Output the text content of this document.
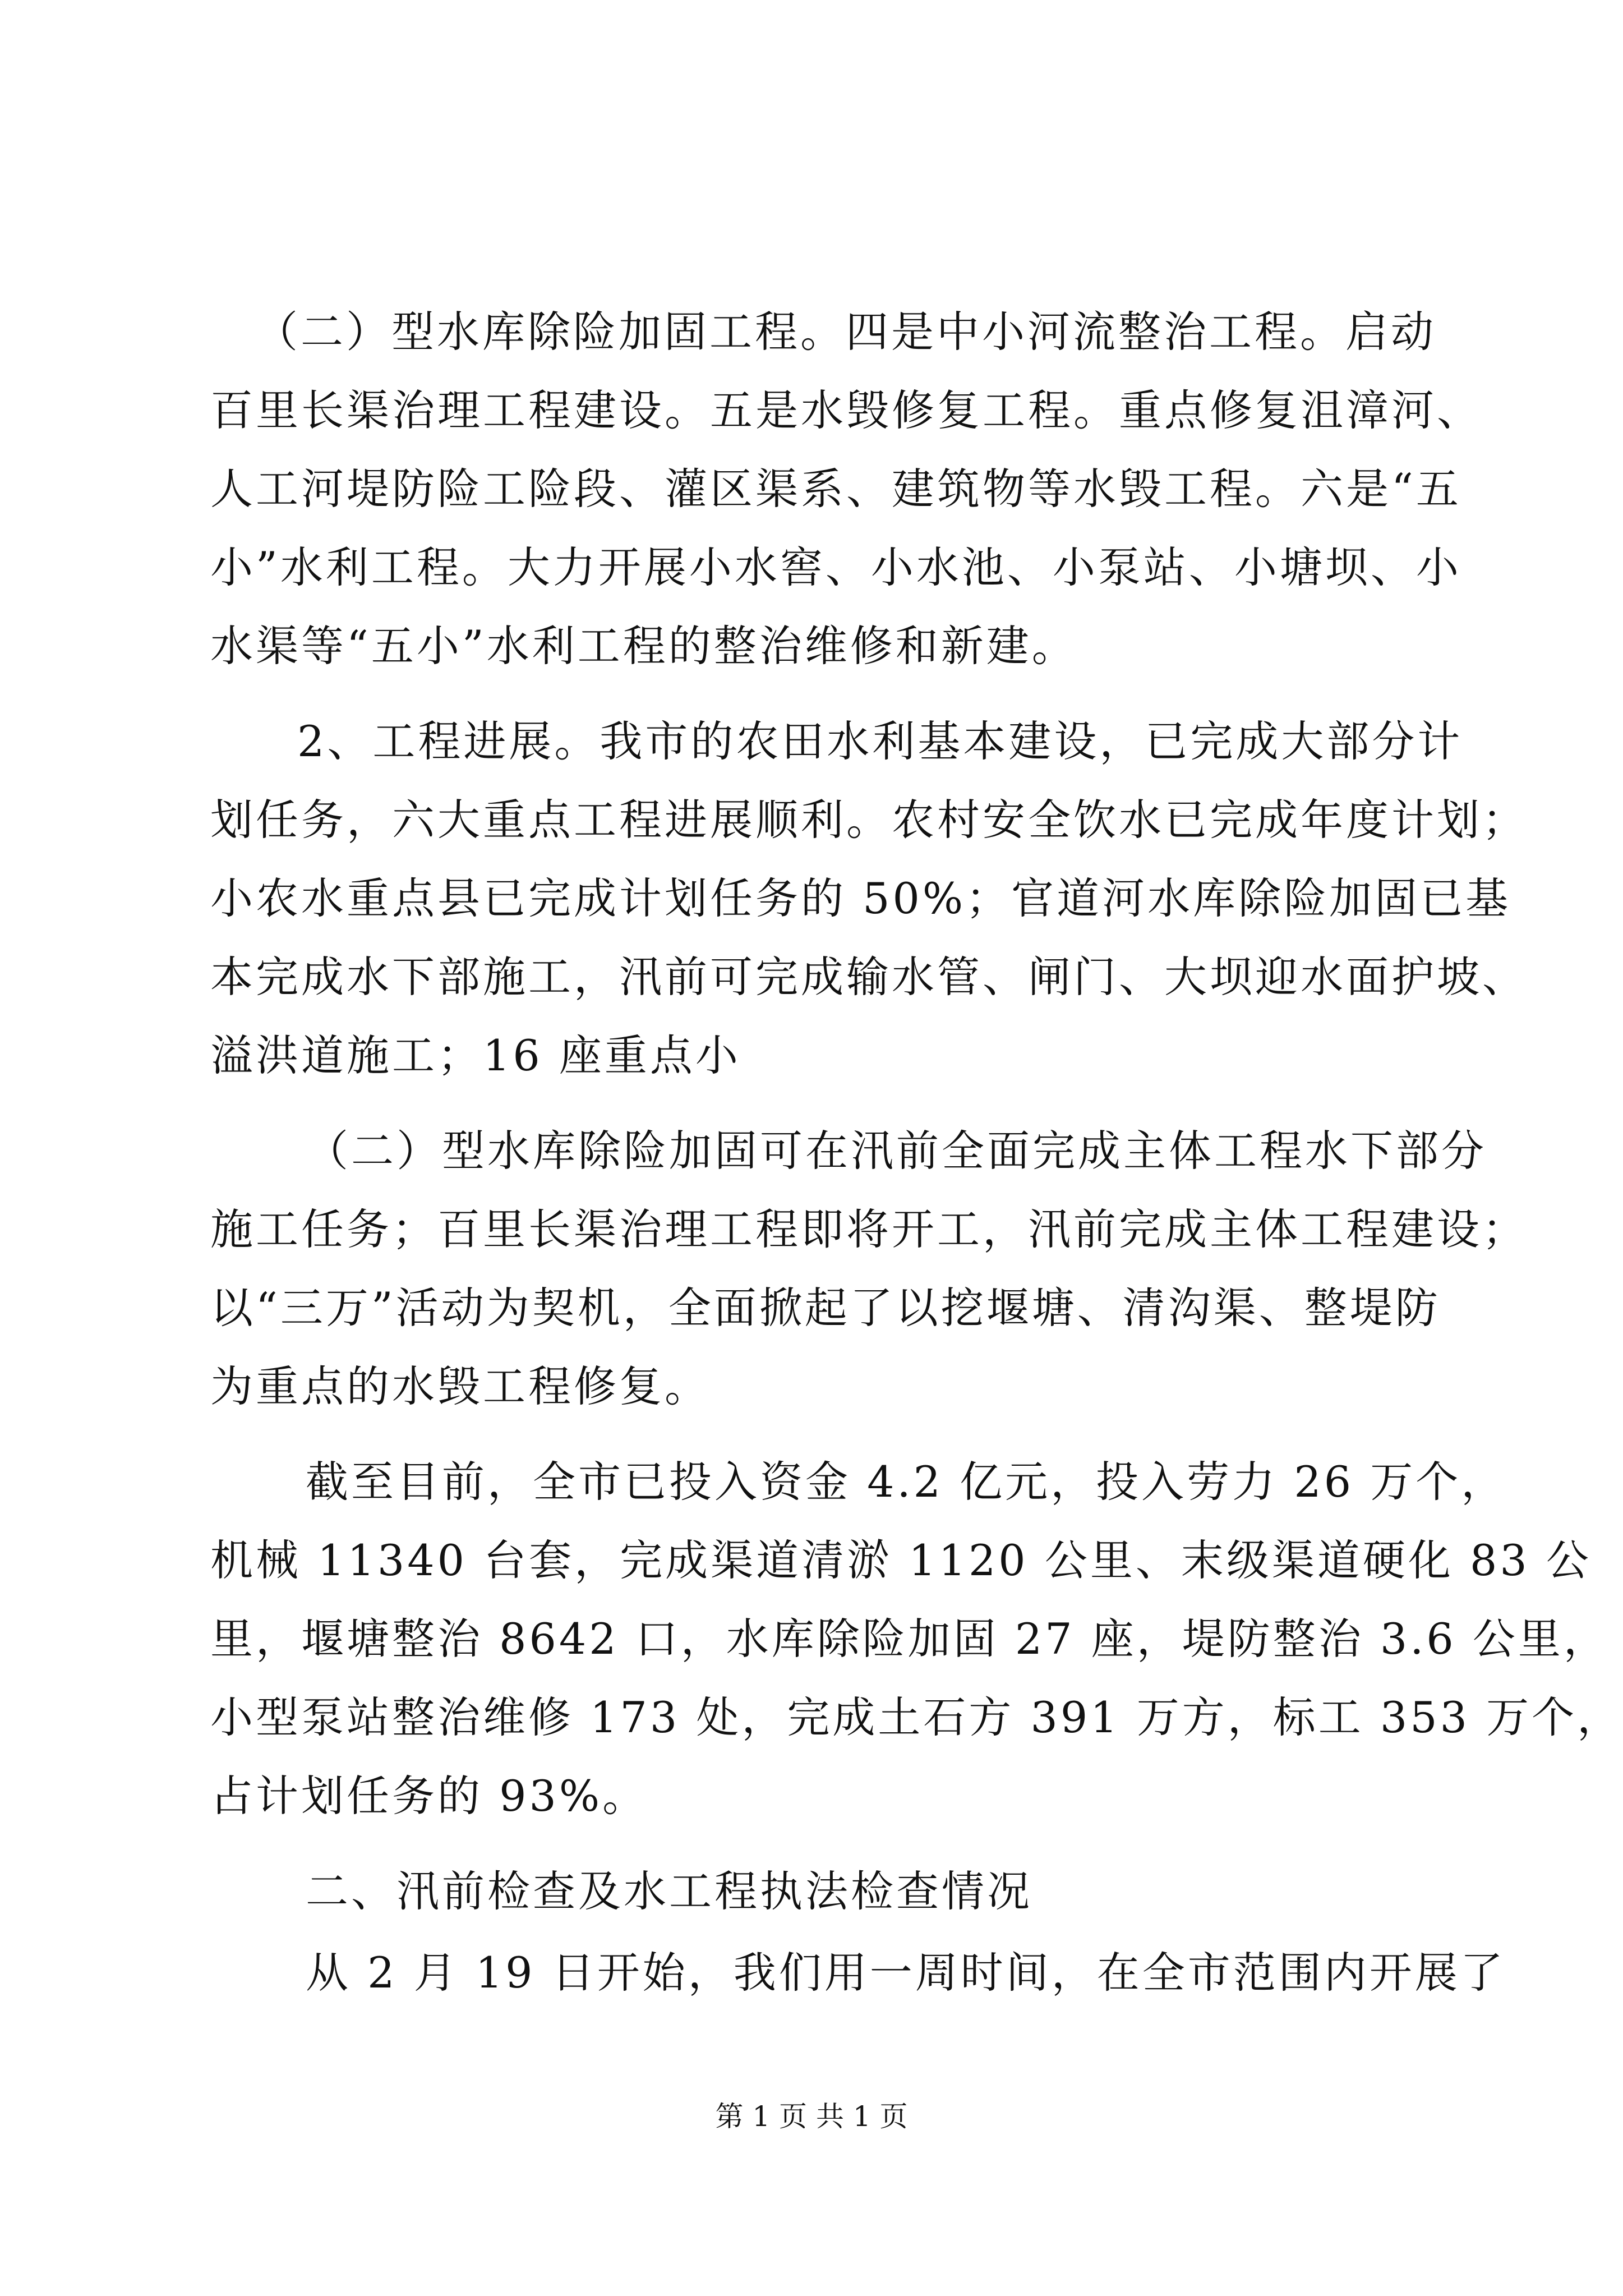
（二）型水库除险加固工程。四是中小河流整治工程。启动

百里长渠治理工程建设。五是水毁修复工程。重点修复沮漳河、

人工河堤防险工险段、灌区渠系、建筑物等水毁工程。六是“五

小”水利工程。大力开展小水窖、小水池、小泵站、小塘坝、小

水渠等“五小”水利工程的整治维修和新建。

2、工程进展。我市的农田水利基本建设，已完成大部分计

划任务，六大重点工程进展顺利。农村安全饮水已完成年度计划；

小农水重点县已完成计划任务的 50%；官道河水库除险加固已基

本完成水下部施工，汛前可完成输水管、闸门、大坝迎水面护坡、

溢洪道施工；16 座重点小

（二）型水库除险加固可在汛前全面完成主体工程水下部分

施工任务；百里长渠治理工程即将开工，汛前完成主体工程建设；

以“三万”活动为契机，全面掀起了以挖堰塘、清沟渠、整堤防

为重点的水毁工程修复。

截至目前，全市已投入资金 4.2 亿元，投入劳力 26 万个，

机械 11340 台套，完成渠道清淤 1120 公里、末级渠道硬化 83 公

里，堰塘整治 8642 口，水库除险加固 27 座，堤防整治 3.6 公里，

小型泵站整治维修 173 处，完成土石方 391 万方，标工 353 万个，

占计划任务的 93%。

二、汛前检查及水工程执法检查情况

从 2 月 19 日开始，我们用一周时间，在全市范围内开展了

第 1 页 共 1 页
